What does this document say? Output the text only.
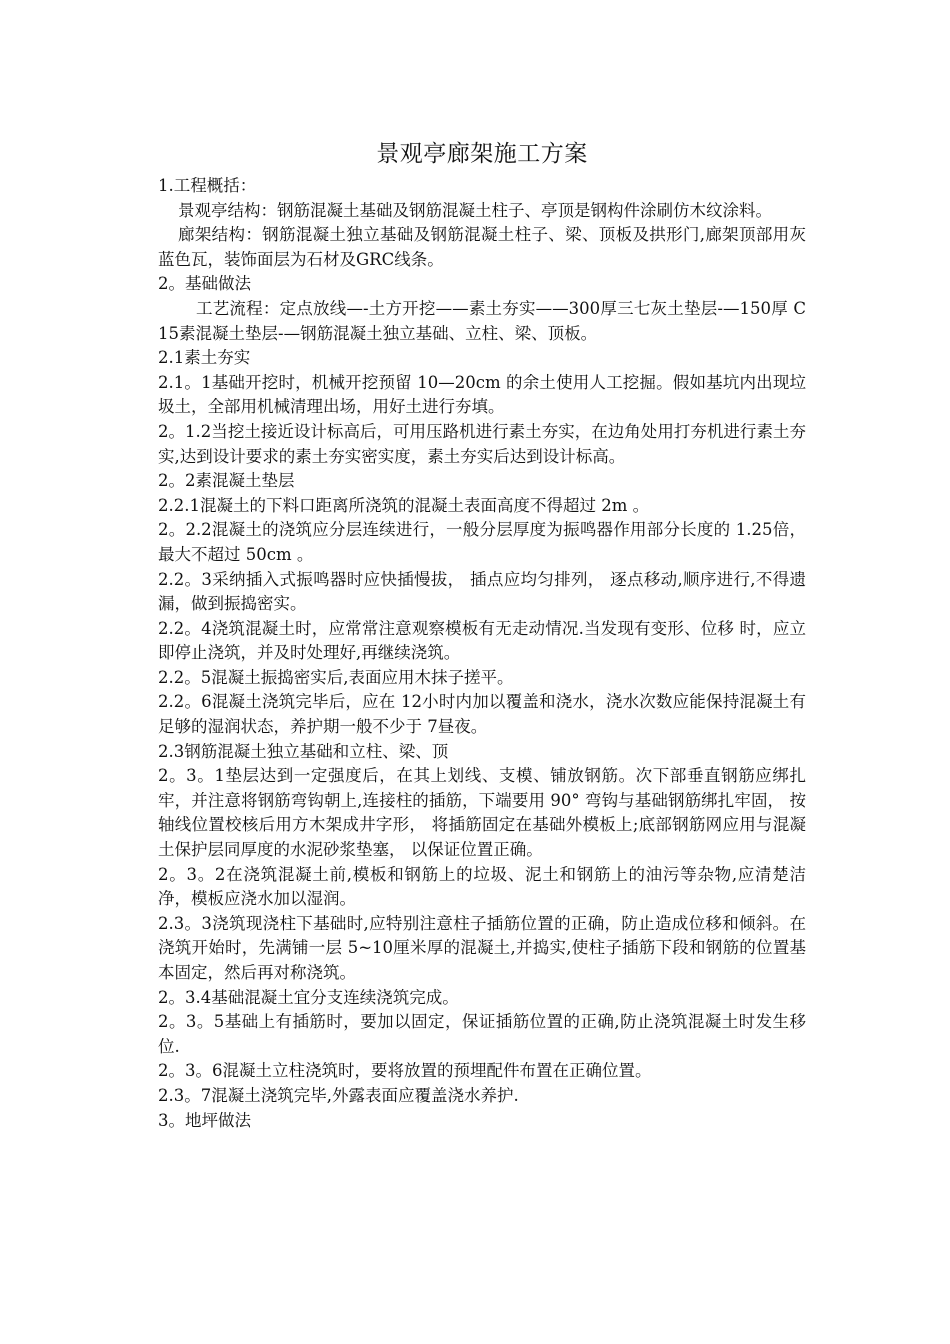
景观亭廊架施工方案

1.工程概括：

景观亭结构：钢筋混凝土基础及钢筋混凝土柱子、亭顶是钢构件涂刷仿木纹涂料。

廊架结构：钢筋混凝土独立基础及钢筋混凝土柱子、梁、顶板及拱形门,廊架顶部用灰蓝色瓦，装饰面层为石材及GRC线条。

2。基础做法

工艺流程：定点放线—-土方开挖——素土夯实——300厚三七灰土垫层-—150厚 C15素混凝土垫层-—钢筋混凝土独立基础、立柱、梁、顶板。

2.1素土夯实

2.1。1基础开挖时，机械开挖预留 10—20cm 的余土使用人工挖掘。假如基坑内出现垃圾土，全部用机械清理出场，用好土进行夯填。

2。1.2当挖土接近设计标高后，可用压路机进行素土夯实，在边角处用打夯机进行素土夯实,达到设计要求的素土夯实密实度，素土夯实后达到设计标高。

2。2素混凝土垫层

2.2.1混凝土的下料口距离所浇筑的混凝土表面高度不得超过 2m 。

2。2.2混凝土的浇筑应分层连续进行，一般分层厚度为振鸣器作用部分长度的 1.25倍，最大不超过 50cm 。

2.2。3采纳插入式振鸣器时应快插慢拔， 插点应均匀排列， 逐点移动,顺序进行,不得遗漏，做到振捣密实。

2.2。4浇筑混凝土时，应常常注意观察模板有无走动情况.当发现有变形、位移 时，应立即停止浇筑，并及时处理好,再继续浇筑。

2.2。5混凝土振捣密实后,表面应用木抹子搓平。

2.2。6混凝土浇筑完毕后，应在 12小时内加以覆盖和浇水，浇水次数应能保持混凝土有足够的湿润状态，养护期一般不少于 7昼夜。

2.3钢筋混凝土独立基础和立柱、梁、顶

2。3。1垫层达到一定强度后，在其上划线、支模、铺放钢筋。次下部垂直钢筋应绑扎牢，并注意将钢筋弯钩朝上,连接柱的插筋，下端要用 90° 弯钩与基础钢筋绑扎牢固， 按轴线位置校核后用方木架成井字形， 将插筋固定在基础外模板上;底部钢筋网应用与混凝土保护层同厚度的水泥砂浆垫塞， 以保证位置正确。

2。3。2在浇筑混凝土前,模板和钢筋上的垃圾、泥土和钢筋上的油污等杂物,应清楚洁净，模板应浇水加以湿润。

2.3。3浇筑现浇柱下基础时,应特别注意柱子插筋位置的正确，防止造成位移和倾斜。在浇筑开始时，先满铺一层 5~10厘米厚的混凝土,并捣实,使柱子插筋下段和钢筋的位置基本固定，然后再对称浇筑。

2。3.4基础混凝土宜分支连续浇筑完成。

2。3。5基础上有插筋时，要加以固定，保证插筋位置的正确,防止浇筑混凝土时发生移位.

2。3。6混凝土立柱浇筑时，要将放置的预埋配件布置在正确位置。

2.3。7混凝土浇筑完毕,外露表面应覆盖浇水养护.

3。地坪做法
